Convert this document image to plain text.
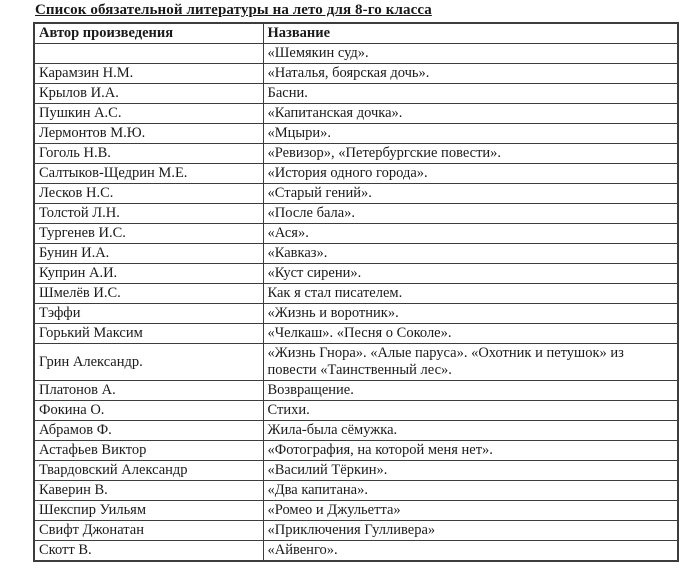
Список обязательной литературы на лето для 8-го класса
Автор произведения	Название
	«Шемякин суд».
Карамзин Н.М.	«Наталья, боярская дочь».
Крылов И.А.	Басни.
Пушкин А.С.	«Капитанская дочка».
Лермонтов М.Ю.	«Мцыри».
Гоголь Н.В.	«Ревизор», «Петербургские повести».
Салтыков-Щедрин М.Е.	«История одного города».
Лесков Н.С.	«Старый гений».
Толстой Л.Н.	«После бала».
Тургенев И.С.	«Ася».
Бунин И.А.	«Кавказ».
Куприн А.И.	«Куст сирени».
Шмелёв И.С.	Как я стал писателем.
Тэффи	«Жизнь и воротник».
Горький Максим	«Челкаш». «Песня о Соколе».
Грин Александр.	«Жизнь Гнора». «Алые паруса». «Охотник и петушок» из повести «Таинственный лес».
Платонов А.	Возвращение.
Фокина О.	Стихи.
Абрамов Ф.	Жила-была сёмужка.
Астафьев Виктор	«Фотография, на которой меня нет».
Твардовский Александр	«Василий Тёркин».
Каверин В.	«Два капитана».
Шекспир Уильям	«Ромео и Джульетта»
Свифт Джонатан	«Приключения Гулливера»
Скотт В.	«Айвенго».
